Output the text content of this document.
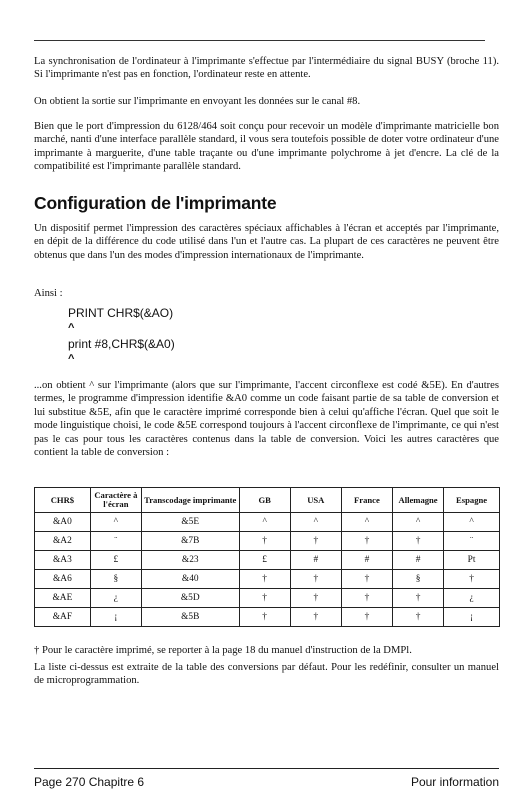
La synchronisation de l'ordinateur à l'imprimante s'effectue par l'intermédiaire du signal BUSY (broche 11). Si l'imprimante n'est pas en fonction, l'ordinateur reste en attente.
On obtient la sortie sur l'imprimante en envoyant les données sur le canal #8.
Bien que le port d'impression du 6128/464 soit conçu pour recevoir un modèle d'imprimante matricielle bon marché, nanti d'une interface parallèle standard, il vous sera toutefois possible de doter votre ordinateur d'une imprimante à marguerite, d'une table traçante ou d'une imprimante polychrome à jet d'encre. La clé de la compatibilité est l'imprimante parallèle standard.
Configuration de l'imprimante
Un dispositif permet l'impression des caractères spéciaux affichables à l'écran et acceptés par l'imprimante, en dépit de la différence du code utilisé dans l'un et l'autre cas. La plupart de ces caractères ne peuvent être obtenus que dans l'un des modes d'impression internationaux de l'imprimante.
Ainsi :
PRINT CHR$(&AO)
^
print #8,CHR$(&A0)
^
...on obtient ^ sur l'imprimante (alors que sur l'imprimante, l'accent circonflexe est codé &5E). En d'autres termes, le programme d'impression identifie &A0 comme un code faisant partie de sa table de conversion et lui substitue &5E, afin que le caractère imprimé corresponde bien à celui qu'affiche l'écran. Quel que soit le mode linguistique choisi, le code &5E correspond toujours à l'accent circonflexe de l'imprimante, ce qui n'est pas le cas pour tous les caractères contenus dans la table de conversion. Voici les autres caractères que contient la table de conversion :
CHR$	Caractère à l'écran	Transcodage imprimante	GB	USA	France	Allemagne	Espagne
&A0	^	&5E	^	^	^	^	^
&A2	¨	&7B	†	†	†	†	¨
&A3	£	&23	£	#	#	#	Pt
&A6	§	&40	†	†	†	§	†
&AE	¿	&5D	†	†	†	†	¿
&AF	¡	&5B	†	†	†	†	¡
† Pour le caractère imprimé, se reporter à la page 18 du manuel d'instruction de la DMPl.
La liste ci-dessus est extraite de la table des conversions par défaut. Pour les redéfinir, consulter un manuel de microprogrammation.
Page 270 Chapitre 6	Pour information
